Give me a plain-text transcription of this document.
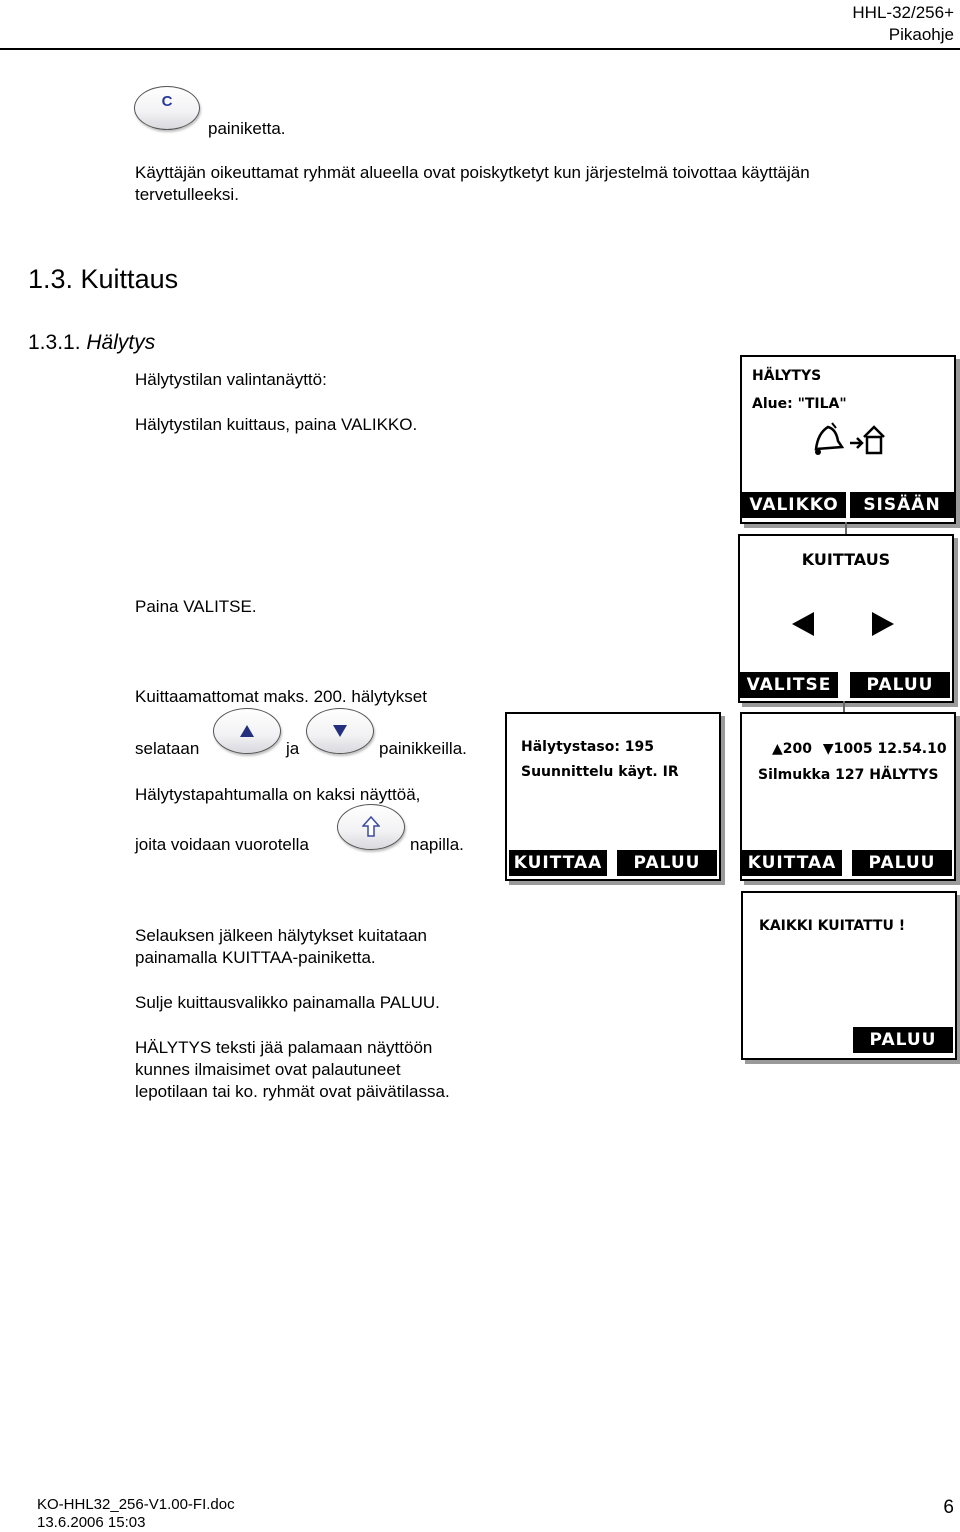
HHL-32/256+
Pikaohje
C
painiketta.
Käyttäjän oikeuttamat ryhmät alueella ovat poiskytketyt kun järjestelmä toivottaa käyttäjän
tervetulleeksi.
1.3. Kuittaus
1.3.1. Hälytys
Hälytystilan valintanäyttö:
Hälytystilan kuittaus, paina VALIKKO.
Paina VALITSE.
Kuittaamattomat maks. 200. hälytykset
selataan	ja	painikkeilla.
Hälytystapahtumalla on kaksi näyttöä,
joita voidaan vuorotella	napilla.
Selauksen jälkeen hälytykset kuitataan
painamalla KUITTAA-painiketta.
Sulje kuittausvalikko painamalla PALUU.
HÄLYTYS teksti jää palamaan näyttöön
kunnes ilmaisimet ovat palautuneet
lepotilaan tai ko. ryhmät ovat päivätilassa.
HÄLYTYS
Alue: "TILA"
VALIKKO	SISÄÄN
KUITTAUS
VALITSE	PALUU
Hälytystaso: 195
Suunnittelu käyt. IR
KUITTAA	PALUU
▲200 ▼1005 12.54.10
Silmukka 127 HÄLYTYS
KUITTAA	PALUU
KAIKKI KUITATTU !
PALUU
KO-HHL32_256-V1.00-FI.doc
13.6.2006 15:03
6
